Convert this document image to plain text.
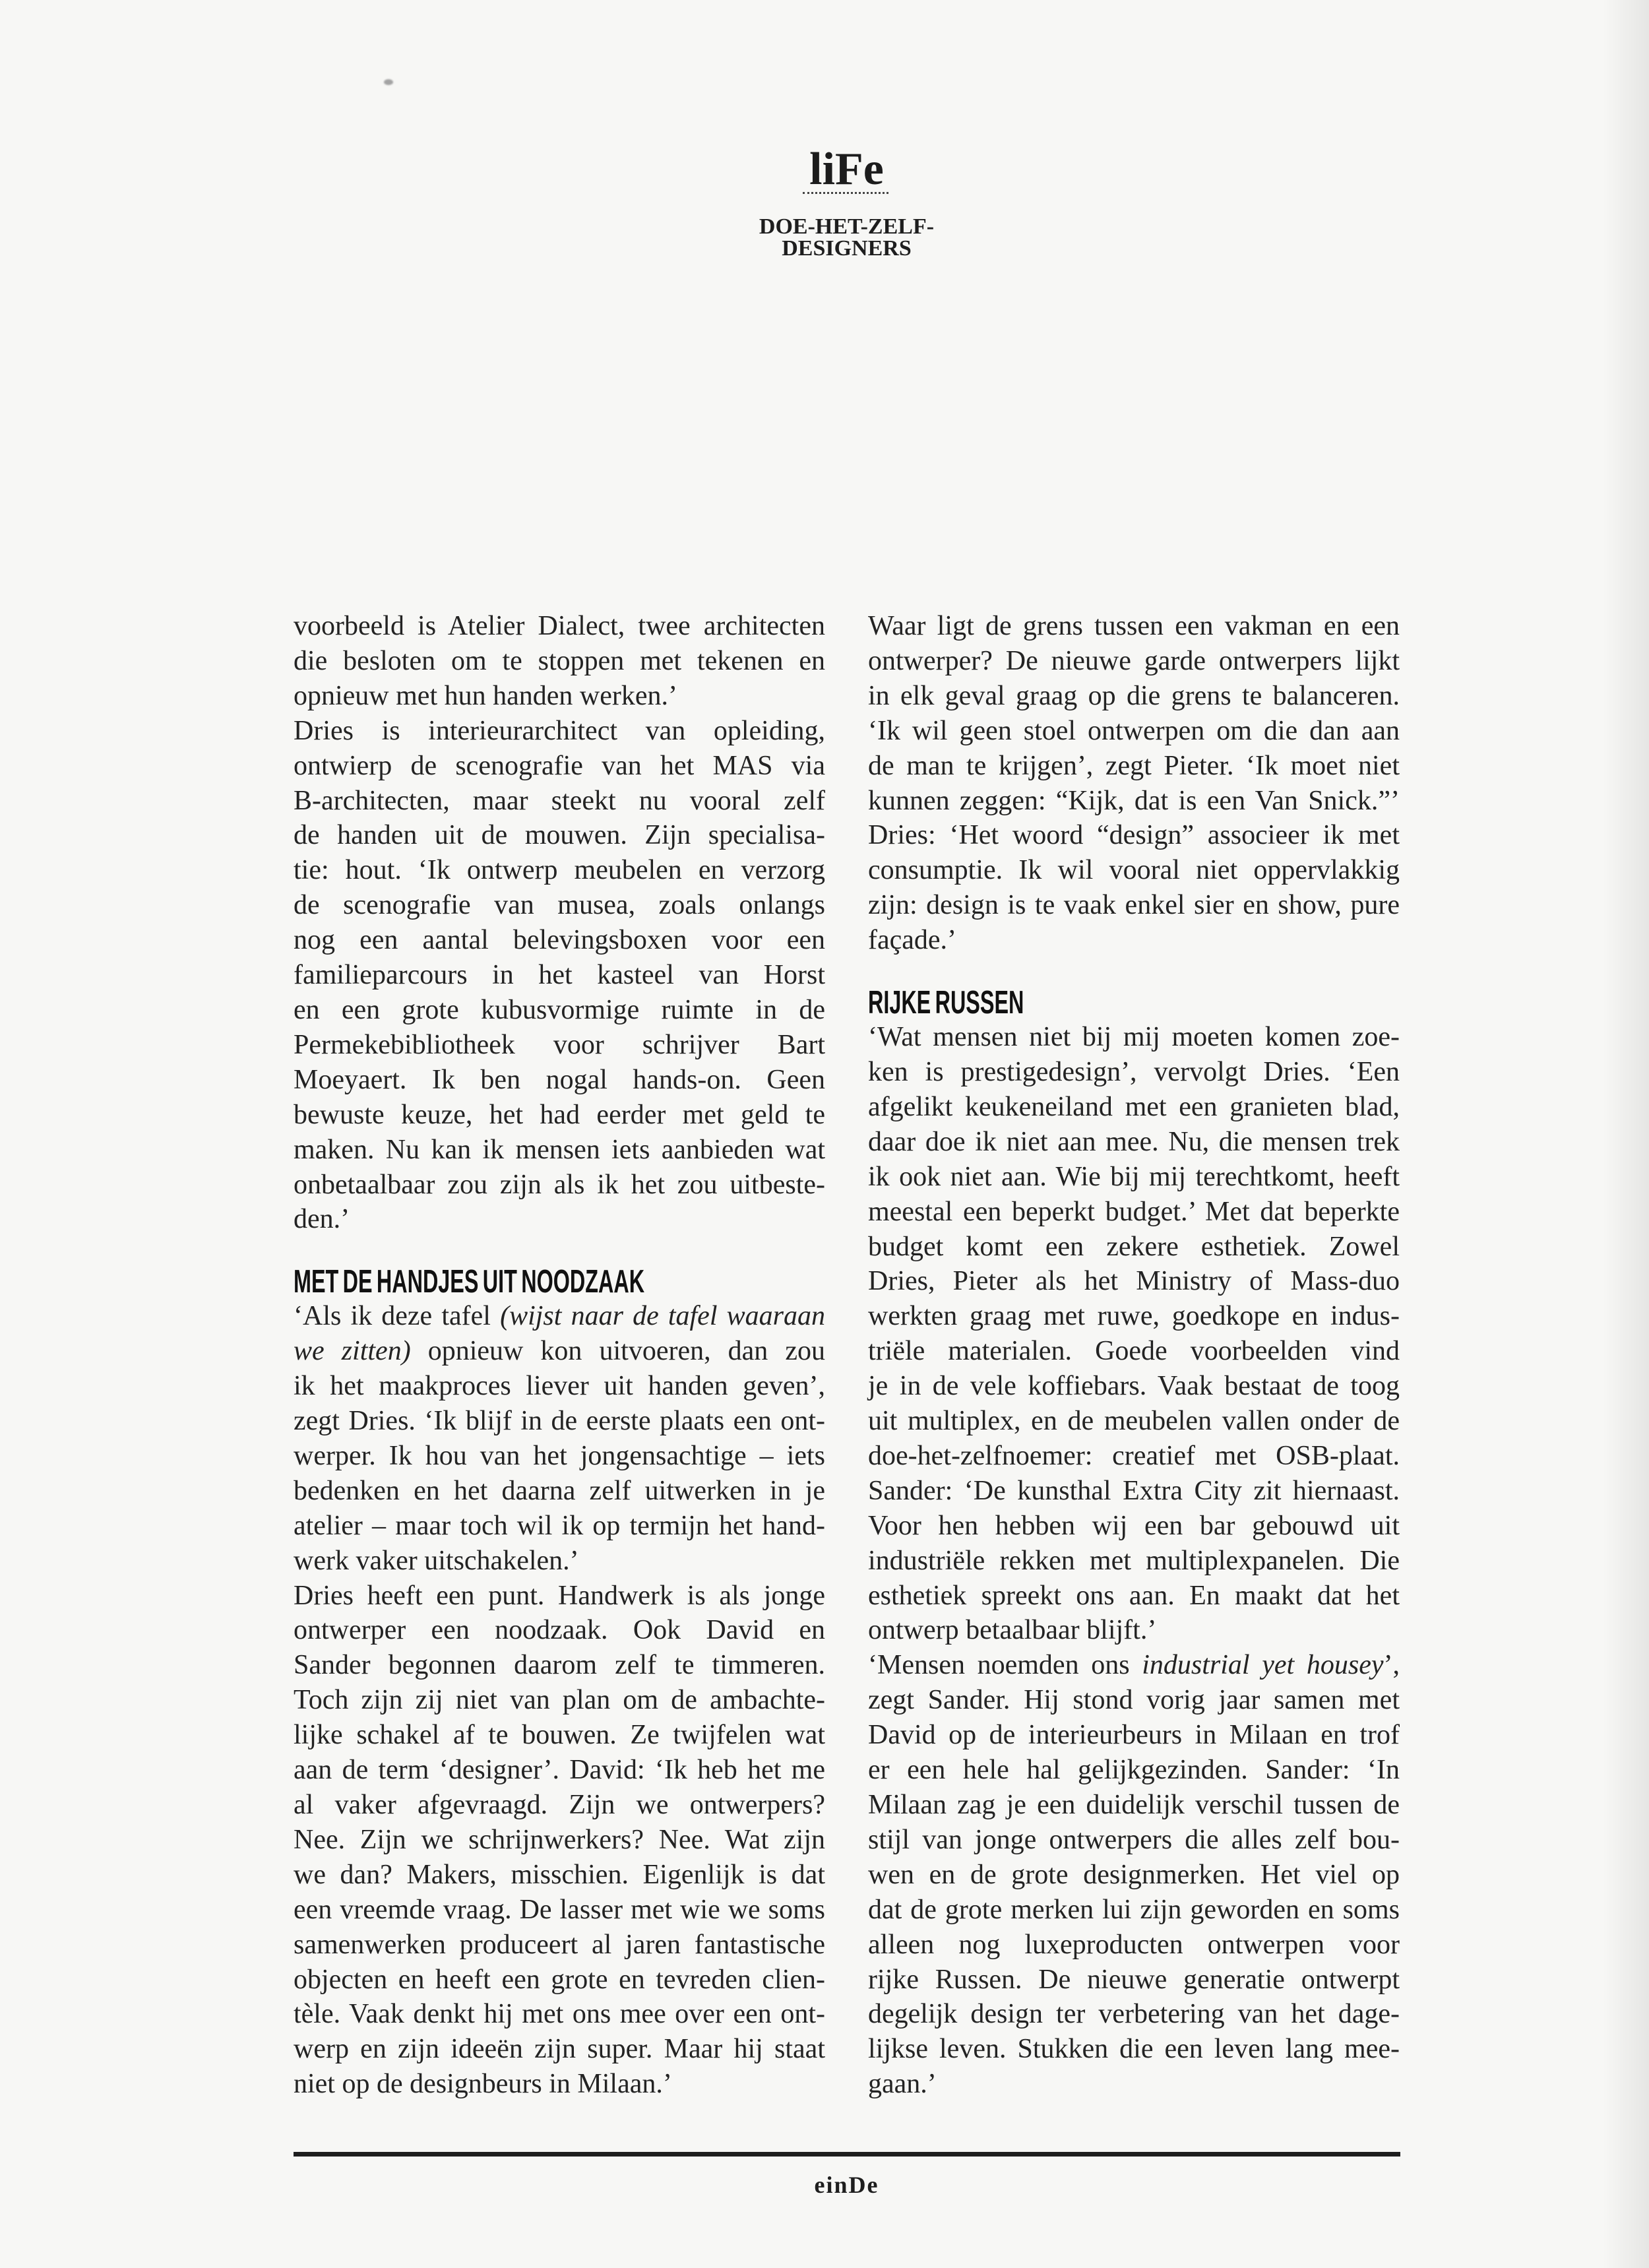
liFe
DOE-HET-ZELF-
DESIGNERS
voorbeeld is Atelier Dialect, twee architecten
die besloten om te stoppen met tekenen en
opnieuw met hun handen werken.’
Dries is interieurarchitect van opleiding,
ontwierp de scenografie van het MAS via
B-architecten, maar steekt nu vooral zelf
de handen uit de mouwen. Zijn specialisa-
tie: hout. ‘Ik ontwerp meubelen en verzorg
de scenografie van musea, zoals onlangs
nog een aantal belevingsboxen voor een
familieparcours in het kasteel van Horst
en een grote kubusvormige ruimte in de
Permekebibliotheek voor schrijver Bart
Moeyaert. Ik ben nogal hands-on. Geen
bewuste keuze, het had eerder met geld te
maken. Nu kan ik mensen iets aanbieden wat
onbetaalbaar zou zijn als ik het zou uitbeste-
den.’
MET DE HANDJES UIT NOODZAAK
‘Als ik deze tafel (wijst naar de tafel waaraan
we zitten) opnieuw kon uitvoeren, dan zou
ik het maakproces liever uit handen geven’,
zegt Dries. ‘Ik blijf in de eerste plaats een ont-
werper. Ik hou van het jongensachtige – iets
bedenken en het daarna zelf uitwerken in je
atelier – maar toch wil ik op termijn het hand-
werk vaker uitschakelen.’
Dries heeft een punt. Handwerk is als jonge
ontwerper een noodzaak. Ook David en
Sander begonnen daarom zelf te timmeren.
Toch zijn zij niet van plan om de ambachte-
lijke schakel af te bouwen. Ze twijfelen wat
aan de term ‘designer’. David: ‘Ik heb het me
al vaker afgevraagd. Zijn we ontwerpers?
Nee. Zijn we schrijnwerkers? Nee. Wat zijn
we dan? Makers, misschien. Eigenlijk is dat
een vreemde vraag. De lasser met wie we soms
samenwerken produceert al jaren fantastische
objecten en heeft een grote en tevreden clien-
tèle. Vaak denkt hij met ons mee over een ont-
werp en zijn ideeën zijn super. Maar hij staat
niet op de designbeurs in Milaan.’
Waar ligt de grens tussen een vakman en een
ontwerper? De nieuwe garde ontwerpers lijkt
in elk geval graag op die grens te balanceren.
‘Ik wil geen stoel ontwerpen om die dan aan
de man te krijgen’, zegt Pieter. ‘Ik moet niet
kunnen zeggen: “Kijk, dat is een Van Snick.”’
Dries: ‘Het woord “design” associeer ik met
consumptie. Ik wil vooral niet oppervlakkig
zijn: design is te vaak enkel sier en show, pure
façade.’
RIJKE RUSSEN
‘Wat mensen niet bij mij moeten komen zoe-
ken is prestigedesign’, vervolgt Dries. ‘Een
afgelikt keukeneiland met een granieten blad,
daar doe ik niet aan mee. Nu, die mensen trek
ik ook niet aan. Wie bij mij terechtkomt, heeft
meestal een beperkt budget.’ Met dat beperkte
budget komt een zekere esthetiek. Zowel
Dries, Pieter als het Ministry of Mass-duo
werkten graag met ruwe, goedkope en indus-
triële materialen. Goede voorbeelden vind
je in de vele koffiebars. Vaak bestaat de toog
uit multiplex, en de meubelen vallen onder de
doe-het-zelfnoemer: creatief met OSB-plaat.
Sander: ‘De kunsthal Extra City zit hiernaast.
Voor hen hebben wij een bar gebouwd uit
industriële rekken met multiplexpanelen. Die
esthetiek spreekt ons aan. En maakt dat het
ontwerp betaalbaar blijft.’
‘Mensen noemden ons industrial yet housey’,
zegt Sander. Hij stond vorig jaar samen met
David op de interieurbeurs in Milaan en trof
er een hele hal gelijkgezinden. Sander: ‘In
Milaan zag je een duidelijk verschil tussen de
stijl van jonge ontwerpers die alles zelf bou-
wen en de grote designmerken. Het viel op
dat de grote merken lui zijn geworden en soms
alleen nog luxeproducten ontwerpen voor
rijke Russen. De nieuwe generatie ontwerpt
degelijk design ter verbetering van het dage-
lijkse leven. Stukken die een leven lang mee-
gaan.’
einDe
